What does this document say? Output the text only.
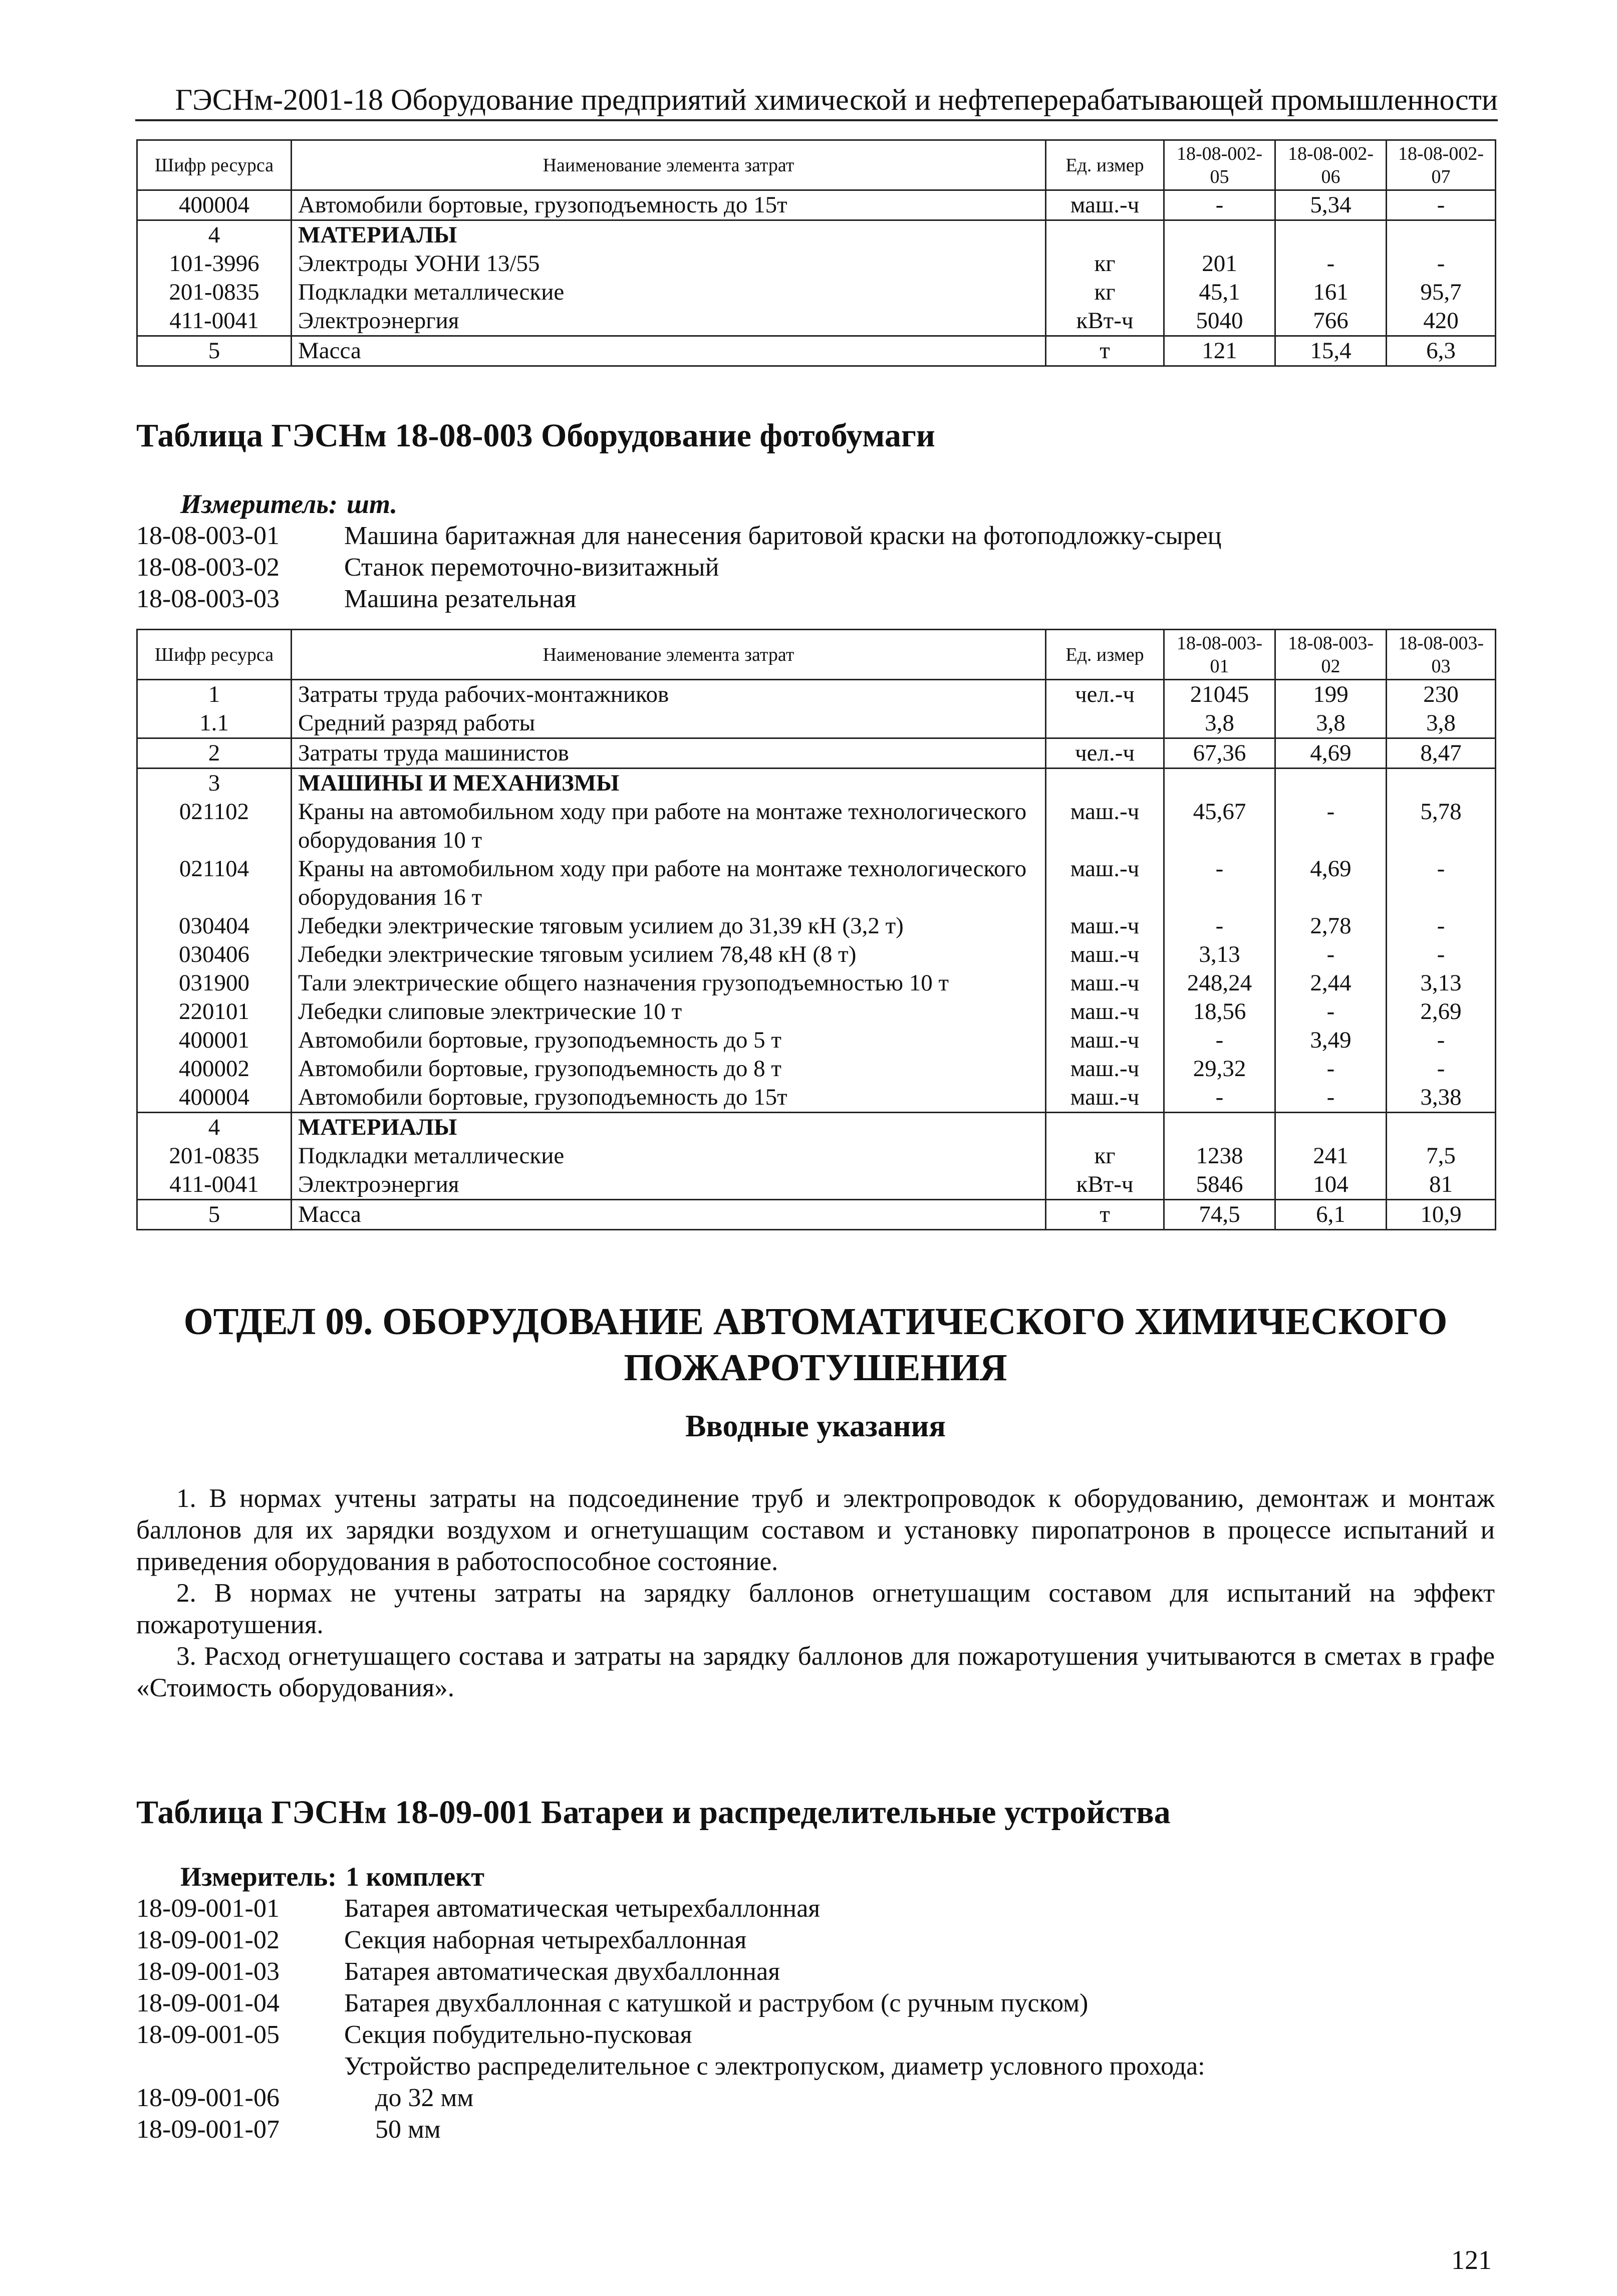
ГЭСНм-2001-18 Оборудование предприятий химической и нефтеперерабатывающей промышленности
Шифр ресурса	Наименование элемента затрат	Ед. измер	18-08-002-05	18-08-002-06	18-08-002-07
400004	Автомобили бортовые, грузоподъемность до 15т	маш.-ч	-	5,34	-
4	МАТЕРИАЛЫ				
101-3996	Электроды УОНИ 13/55	кг	201	-	-
201-0835	Подкладки металлические	кг	45,1	161	95,7
411-0041	Электроэнергия	кВт-ч	5040	766	420
5	Масса	т	121	15,4	6,3
Таблица ГЭСНм 18-08-003 Оборудование фотобумаги
Измеритель: шт.
18-08-003-01	Машина баритажная для нанесения баритовой краски на фотоподложку-сырец
18-08-003-02	Станок перемоточно-визитажный
18-08-003-03	Машина резательная
Шифр ресурса	Наименование элемента затрат	Ед. измер	18-08-003-01	18-08-003-02	18-08-003-03
1	Затраты труда рабочих-монтажников	чел.-ч	21045	199	230
1.1	Средний разряд работы		3,8	3,8	3,8
2	Затраты труда машинистов	чел.-ч	67,36	4,69	8,47
3	МАШИНЫ И МЕХАНИЗМЫ				
021102	Краны на автомобильном ходу при работе на монтаже технологического оборудования 10 т	маш.-ч	45,67	-	5,78
021104	Краны на автомобильном ходу при работе на монтаже технологического оборудования 16 т	маш.-ч	-	4,69	-
030404	Лебедки электрические тяговым усилием до 31,39 кН (3,2 т)	маш.-ч	-	2,78	-
030406	Лебедки электрические тяговым усилием 78,48 кН (8 т)	маш.-ч	3,13	-	-
031900	Тали электрические общего назначения грузоподъемностью 10 т	маш.-ч	248,24	2,44	3,13
220101	Лебедки слиповые электрические 10 т	маш.-ч	18,56	-	2,69
400001	Автомобили бортовые, грузоподъемность до 5 т	маш.-ч	-	3,49	-
400002	Автомобили бортовые, грузоподъемность до 8 т	маш.-ч	29,32	-	-
400004	Автомобили бортовые, грузоподъемность до 15т	маш.-ч	-	-	3,38
4	МАТЕРИАЛЫ				
201-0835	Подкладки металлические	кг	1238	241	7,5
411-0041	Электроэнергия	кВт-ч	5846	104	81
5	Масса	т	74,5	6,1	10,9
ОТДЕЛ 09. ОБОРУДОВАНИЕ АВТОМАТИЧЕСКОГО ХИМИЧЕСКОГО
ПОЖАРОТУШЕНИЯ
Вводные указания

1. В нормах учтены затраты на подсоединение труб и электропроводок к оборудованию, демонтаж и монтаж баллонов для их зарядки воздухом и огнетушащим составом и установку пиропатронов в процессе испытаний и приведения оборудования в работоспособное состояние.

2. В нормах не учтены затраты на зарядку баллонов огнетушащим составом для испытаний на эффект пожаротушения.

3. Расход огнетушащего состава и затраты на зарядку баллонов для пожаротушения учитываются в сметах в графе «Стоимость оборудования».

Таблица ГЭСНм 18-09-001 Батареи и распределительные устройства
Измеритель: 1 комплект
18-09-001-01	Батарея автоматическая четырехбаллонная
18-09-001-02	Секция наборная четырехбаллонная
18-09-001-03	Батарея автоматическая двухбаллонная
18-09-001-04	Батарея двухбаллонная с катушкой и раструбом (с ручным пуском)
18-09-001-05	Секция побудительно-пусковая
Устройство распределительное с электропуском, диаметр условного прохода:
18-09-001-06	до 32 мм
18-09-001-07	50 мм
121
